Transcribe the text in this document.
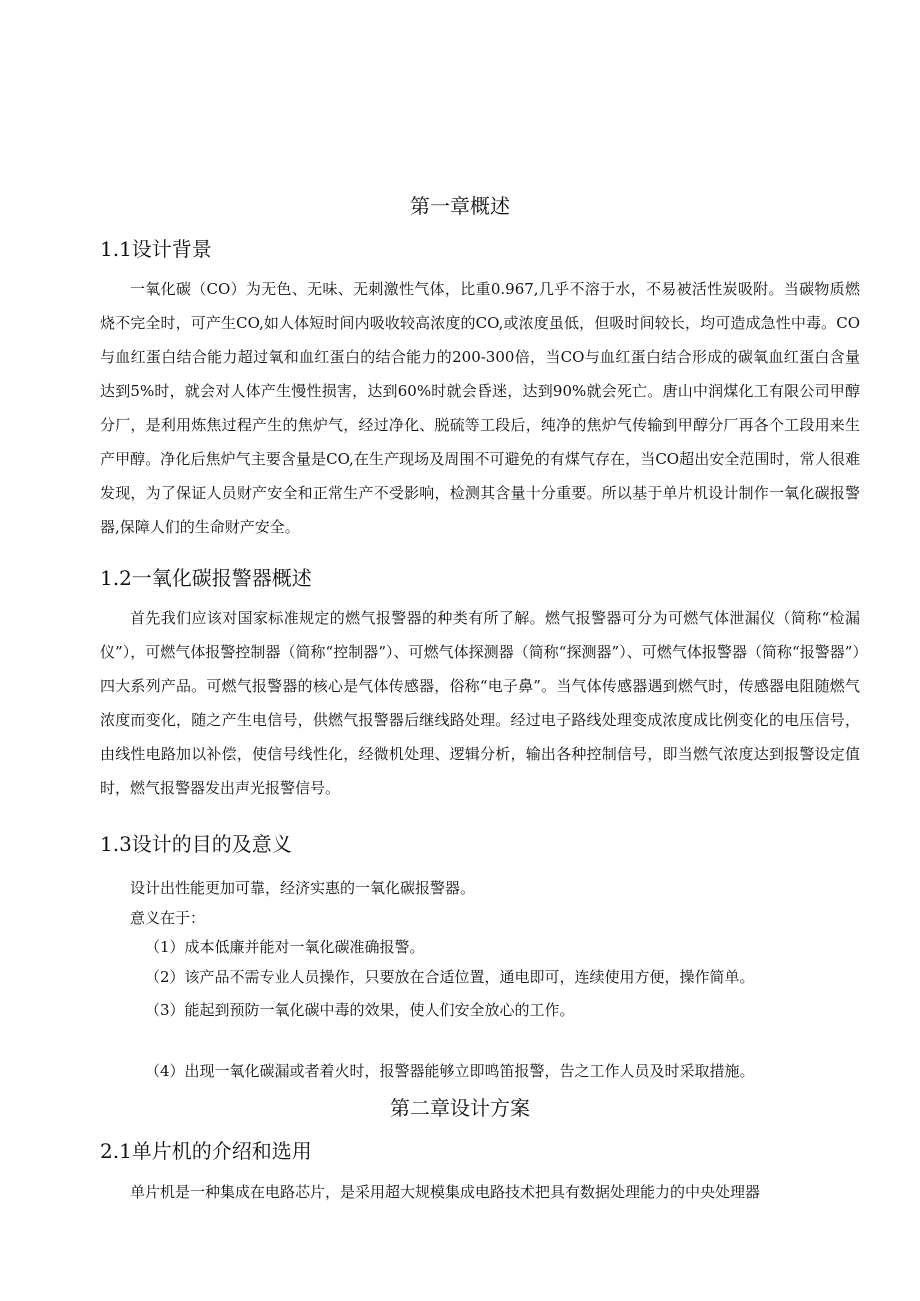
第一章概述
1.1设计背景
一氧化碳（CO）为无色、无味、无刺激性气体，比重0.967,几乎不溶于水，不易被活性炭吸附。当碳物质燃烧不完全时，可产生CO,如人体短时间内吸收较高浓度的CO,或浓度虽低，但吸时间较长，均可造成急性中毒。CO与血红蛋白结合能力超过氧和血红蛋白的结合能力的200-300倍，当CO与血红蛋白结合形成的碳氧血红蛋白含量达到5%时，就会对人体产生慢性损害，达到60%时就会昏迷，达到90%就会死亡。唐山中润煤化工有限公司甲醇分厂，是利用炼焦过程产生的焦炉气，经过净化、脱硫等工段后，纯净的焦炉气传输到甲醇分厂再各个工段用来生产甲醇。净化后焦炉气主要含量是CO,在生产现场及周围不可避免的有煤气存在，当CO超出安全范围时，常人很难发现，为了保证人员财产安全和正常生产不受影响，检测其含量十分重要。所以基于单片机设计制作一氧化碳报警器,保障人们的生命财产安全。
1.2一氧化碳报警器概述
首先我们应该对国家标准规定的燃气报警器的种类有所了解。燃气报警器可分为可燃气体泄漏仪（简称“检漏仪”），可燃气体报警控制器（简称“控制器”）、可燃气体探测器（简称“探测器”）、可燃气体报警器（简称“报警器”）四大系列产品。可燃气报警器的核心是气体传感器，俗称“电子鼻”。当气体传感器遇到燃气时，传感器电阻随燃气浓度而变化，随之产生电信号，供燃气报警器后继线路处理。经过电子路线处理变成浓度成比例变化的电压信号，由线性电路加以补偿，使信号线性化，经微机处理、逻辑分析，输出各种控制信号，即当燃气浓度达到报警设定值时，燃气报警器发出声光报警信号。
1.3设计的目的及意义
设计出性能更加可靠，经济实惠的一氧化碳报警器。
意义在于：
（1）成本低廉并能对一氧化碳准确报警。
（2）该产品不需专业人员操作，只要放在合适位置，通电即可，连续使用方便，操作简单。
（3）能起到预防一氧化碳中毒的效果，使人们安全放心的工作。
（4）出现一氧化碳漏或者着火时，报警器能够立即鸣笛报警，告之工作人员及时采取措施。
第二章设计方案
2.1单片机的介绍和选用
单片机是一种集成在电路芯片，是采用超大规模集成电路技术把具有数据处理能力的中央处理器
